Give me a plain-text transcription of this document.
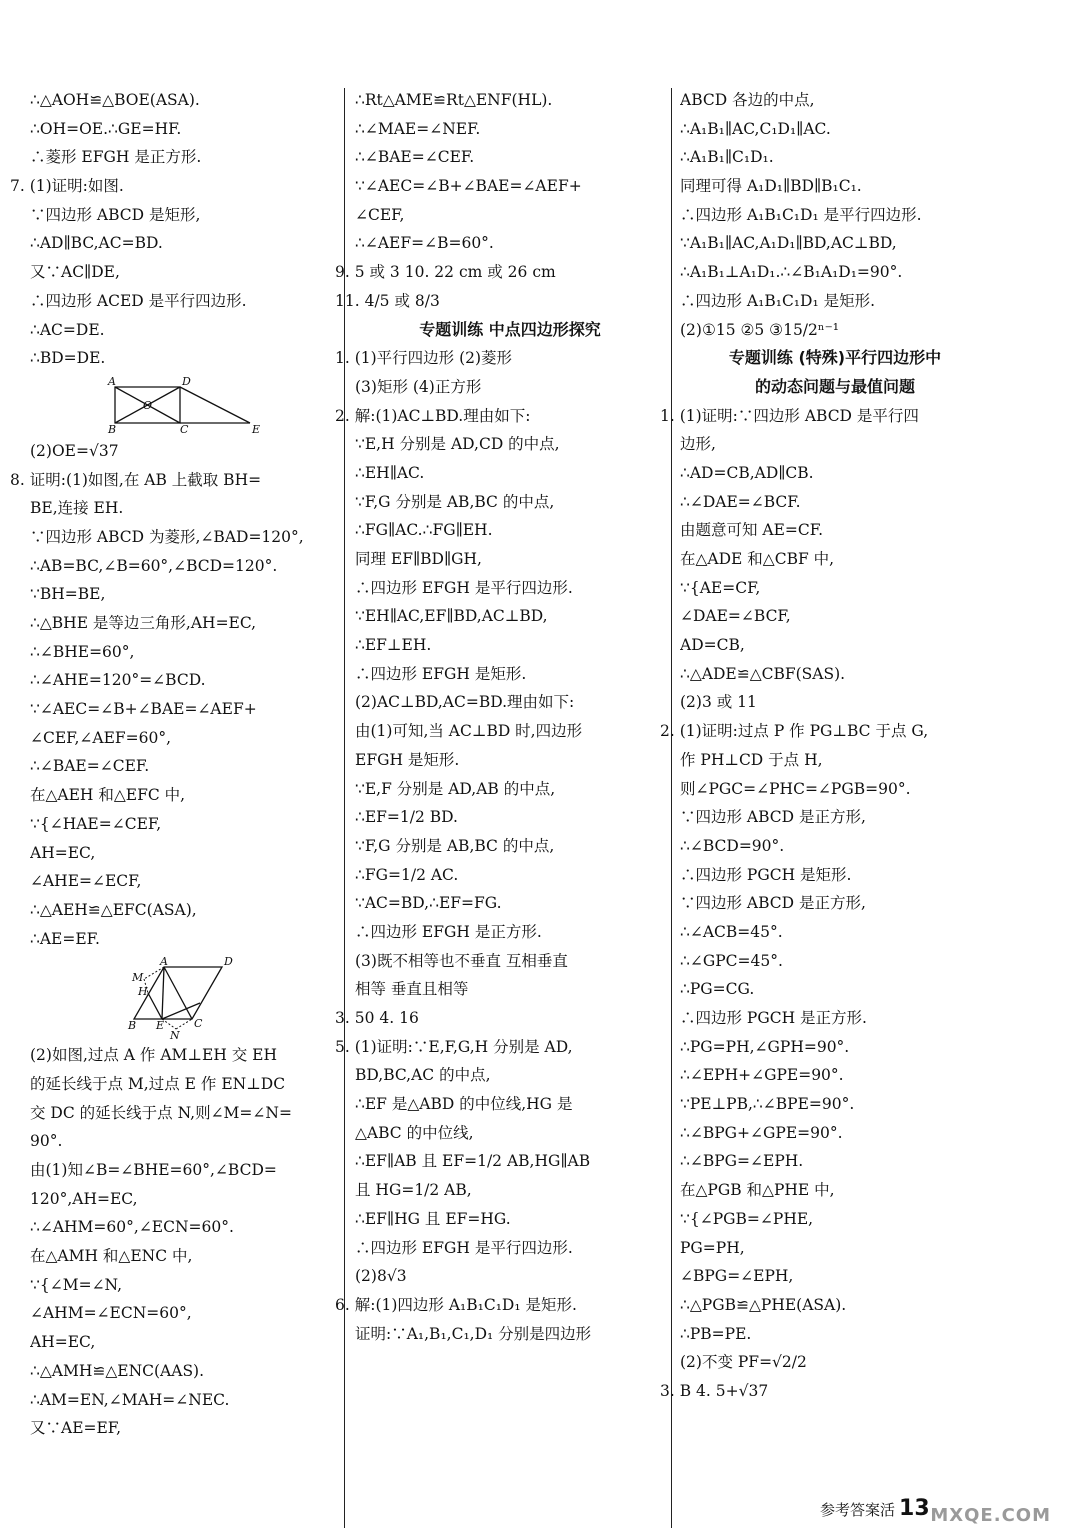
∴△AOH≌△BOE(ASA).
∴OH=OE.∴GE=HF.
∴菱形 EFGH 是正方形.
7. (1)证明:如图.
∵四边形 ABCD 是矩形,
∴AD∥BC,AC=BD.
又∵AC∥DE,
∴四边形 ACED 是平行四边形.
∴AC=DE.
∴BD=DE.
A	D
O
B	C	E
(2)OE=√37
8. 证明:(1)如图,在 AB 上截取 BH=
BE,连接 EH.
∵四边形 ABCD 为菱形,∠BAD=120°,
∴AB=BC,∠B=60°,∠BCD=120°.
∵BH=BE,
∴△BHE 是等边三角形,AH=EC,
∴∠BHE=60°,
∴∠AHE=120°=∠BCD.
∵∠AEC=∠B+∠BAE=∠AEF+
∠CEF,∠AEF=60°,
∴∠BAE=∠CEF.
在△AEH 和△EFC 中,
∵{∠HAE=∠CEF,
AH=EC,
∠AHE=∠ECF,
∴△AEH≌△EFC(ASA),
∴AE=EF.
A	D
M
H
B E	C
N
(2)如图,过点 A 作 AM⊥EH 交 EH
的延长线于点 M,过点 E 作 EN⊥DC
交 DC 的延长线于点 N,则∠M=∠N=
90°.
由(1)知∠B=∠BHE=60°,∠BCD=
120°,AH=EC,
∴∠AHM=60°,∠ECN=60°.
在△AMH 和△ENC 中,
∵{∠M=∠N,
∠AHM=∠ECN=60°,
AH=EC,
∴△AMH≌△ENC(AAS).
∴AM=EN,∠MAH=∠NEC.
又∵AE=EF,
∴Rt△AME≌Rt△ENF(HL).
∴∠MAE=∠NEF.
∴∠BAE=∠CEF.
∵∠AEC=∠B+∠BAE=∠AEF+
∠CEF,
∴∠AEF=∠B=60°.
9. 5 或 3 10. 22 cm 或 26 cm
11. 4/5 或 8/3
专题训练 中点四边形探究
1. (1)平行四边形 (2)菱形
(3)矩形 (4)正方形
2. 解:(1)AC⊥BD.理由如下:
∵E,H 分别是 AD,CD 的中点,
∴EH∥AC.
∵F,G 分别是 AB,BC 的中点,
∴FG∥AC.∴FG∥EH.
同理 EF∥BD∥GH,
∴四边形 EFGH 是平行四边形.
∵EH∥AC,EF∥BD,AC⊥BD,
∴EF⊥EH.
∴四边形 EFGH 是矩形.
(2)AC⊥BD,AC=BD.理由如下:
由(1)可知,当 AC⊥BD 时,四边形
EFGH 是矩形.
∵E,F 分别是 AD,AB 的中点,
∴EF=1/2 BD.
∵F,G 分别是 AB,BC 的中点,
∴FG=1/2 AC.
∵AC=BD,∴EF=FG.
∴四边形 EFGH 是正方形.
(3)既不相等也不垂直 互相垂直
相等 垂直且相等
3. 50 4. 16
5. (1)证明:∵E,F,G,H 分别是 AD,
BD,BC,AC 的中点,
∴EF 是△ABD 的中位线,HG 是
△ABC 的中位线,
∴EF∥AB 且 EF=1/2 AB,HG∥AB
且 HG=1/2 AB,
∴EF∥HG 且 EF=HG.
∴四边形 EFGH 是平行四边形.
(2)8√3
6. 解:(1)四边形 A₁B₁C₁D₁ 是矩形.
证明:∵A₁,B₁,C₁,D₁ 分别是四边形
ABCD 各边的中点,
∴A₁B₁∥AC,C₁D₁∥AC.
∴A₁B₁∥C₁D₁.
同理可得 A₁D₁∥BD∥B₁C₁.
∴四边形 A₁B₁C₁D₁ 是平行四边形.
∵A₁B₁∥AC,A₁D₁∥BD,AC⊥BD,
∴A₁B₁⊥A₁D₁.∴∠B₁A₁D₁=90°.
∴四边形 A₁B₁C₁D₁ 是矩形.
(2)①15 ②5 ③15/2ⁿ⁻¹
专题训练 (特殊)平行四边形中
的动态问题与最值问题
1. (1)证明:∵四边形 ABCD 是平行四
边形,
∴AD=CB,AD∥CB.
∴∠DAE=∠BCF.
由题意可知 AE=CF.
在△ADE 和△CBF 中,
∵{AE=CF,
∠DAE=∠BCF,
AD=CB,
∴△ADE≌△CBF(SAS).
(2)3 或 11
2. (1)证明:过点 P 作 PG⊥BC 于点 G,
作 PH⊥CD 于点 H,
则∠PGC=∠PHC=∠PGB=90°.
∵四边形 ABCD 是正方形,
∴∠BCD=90°.
∴四边形 PGCH 是矩形.
∵四边形 ABCD 是正方形,
∴∠ACB=45°.
∴∠GPC=45°.
∴PG=CG.
∴四边形 PGCH 是正方形.
∴PG=PH,∠GPH=90°.
∴∠EPH+∠GPE=90°.
∵PE⊥PB,∴∠BPE=90°.
∴∠BPG+∠GPE=90°.
∴∠BPG=∠EPH.
在△PGB 和△PHE 中,
∵{∠PGB=∠PHE,
PG=PH,
∠BPG=∠EPH,
∴△PGB≌△PHE(ASA).
∴PB=PE.
(2)不变 PF=√2/2
3. B 4. 5+√37
参考答案活 13 MXQE.COM
